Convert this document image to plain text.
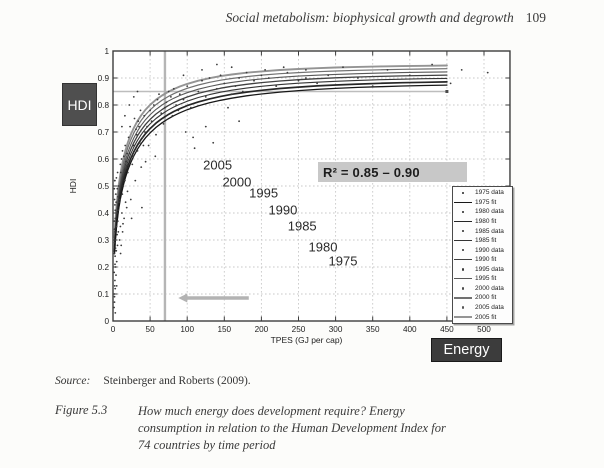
Social metabolism: biophysical growth and degrowth 109
2005
2000
1995
1990
1985
1980
1975
0	50	100	150	200	250	300	350	400	450	500
0
0.1
0.2
0.3
0.4
0.5
0.6
0.7
0.8
0.9
1
TPES (GJ per cap)
HDI
HDI
Energy
R² = 0.85 – 0.90
1975 data
1975 fit
1980 data
1980 fit
1985 data
1985 fit
1990 data
1990 fit
1995 data
1995 fit
2000 data
2000 fit
2005 data
2005 fit
Source: Steinberger and Roberts (2009).
Figure 5.3	How much energy does development require? Energy
consumption in relation to the Human Development Index for
74 countries by time period
